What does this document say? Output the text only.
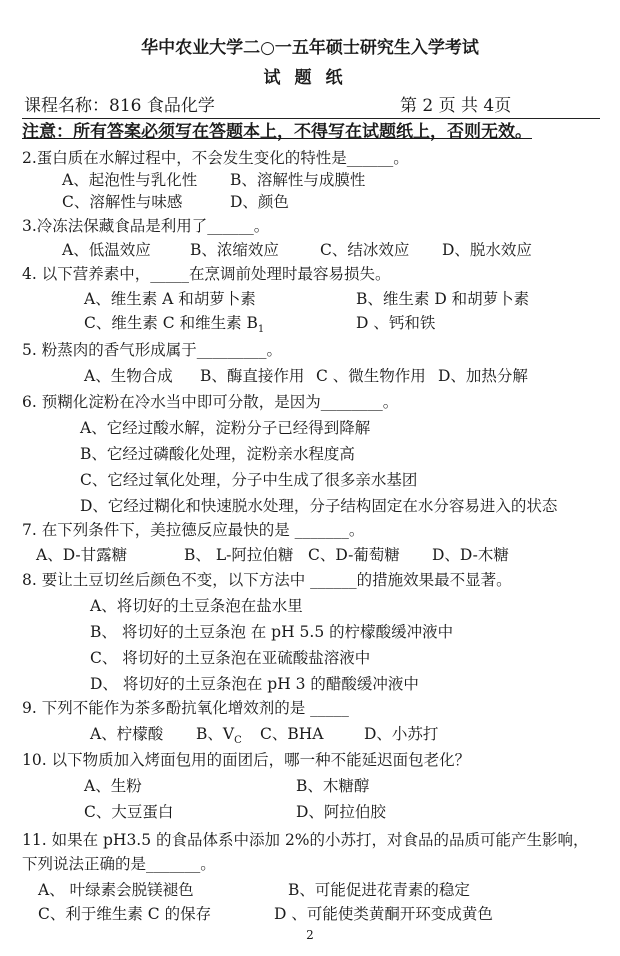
华中农业大学二○一五年硕士研究生入学考试
试题纸
课程名称：816 食品化学	第 2 页 共 4页
注意：所有答案必须写在答题本上，不得写在试题纸上，否则无效。
2.蛋白质在水解过程中，不会发生变化的特性是______。
A、起泡性与乳化性 B、溶解性与成膜性
C、溶解性与味感	D、颜色
3.冷冻法保藏食品是利用了______。
A、低温效应	B、浓缩效应	C、结冰效应 D、脱水效应
4. 以下营养素中，_____在烹调前处理时最容易损失。
A、维生素 A 和胡萝卜素	B、维生素 D 和胡萝卜素
C、维生素 C 和维生素 $B_1$	D 、钙和铁
5. 粉蒸肉的香气形成属于_________。
A、生物合成 B、酶直接作用 C 、微生物作用 D、加热分解
6. 预糊化淀粉在冷水当中即可分散，是因为________。
A、它经过酸水解，淀粉分子已经得到降解
B、它经过磷酸化处理，淀粉亲水程度高
C、它经过氧化处理，分子中生成了很多亲水基团
D、它经过糊化和快速脱水处理，分子结构固定在水分容易进入的状态
7. 在下列条件下，美拉德反应最快的是 _______。
A、D-甘露糖	B、 L-阿拉伯糖 C、D-葡萄糖 D、D-木糖
8. 要让土豆切丝后颜色不变，以下方法中 ______的措施效果最不显著。
A、将切好的土豆条泡在盐水里
B、 将切好的土豆条泡 在 pH 5.5 的柠檬酸缓冲液中
C、 将切好的土豆条泡在亚硫酸盐溶液中
D、 将切好的土豆条泡在 pH 3 的醋酸缓冲液中
9. 下列不能作为茶多酚抗氧化增效剂的是 _____
A、柠檬酸 B、$V_C$ C、BHA	D、小苏打
10. 以下物质加入烤面包用的面团后，哪一种不能延迟面包老化？
A、生粉	B、木糖醇
C、大豆蛋白	D、阿拉伯胶
11. 如果在 pH3.5 的食品体系中添加 2%的小苏打，对食品的品质可能产生影响，
下列说法正确的是_______。
A、 叶绿素会脱镁褪色	B、可能促进花青素的稳定
C、利于维生素 C 的保存	D 、可能使类黄酮开环变成黄色
2
